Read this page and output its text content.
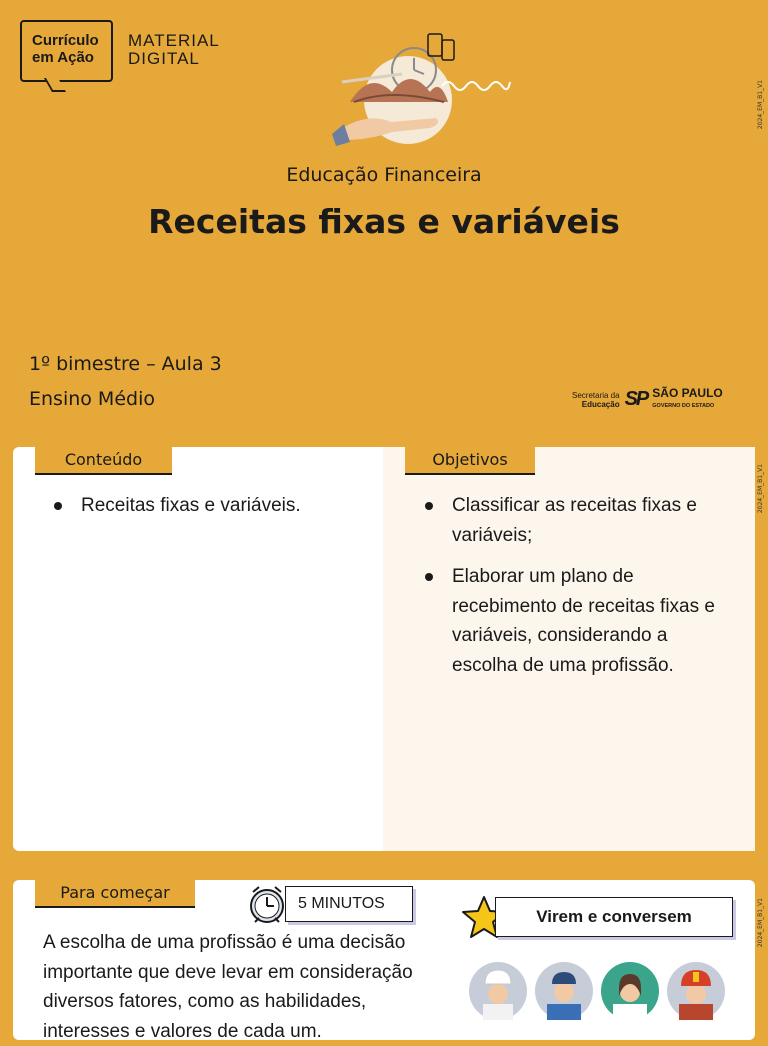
Currículo
em Ação
MATERIAL
DIGITAL
2024_EM_B1_V1
Educação Financeira
Receitas fixas e variáveis
1º bimestre – Aula 3
Ensino Médio	Secretaria da
Educação SP SÃO PAULO
GOVERNO DO ESTADO
2024_EM_B1_V1
Conteúdo	Objetivos
Receitas fixas e variáveis.	Classificar as receitas fixas e variáveis;
Elaborar um plano de recebimento de receitas fixas e variáveis, considerando a escolha de uma profissão.
2024_EM_B1_V1
Para começar
5 MINUTOS
Virem e conversem
A escolha de uma profissão é uma decisão importante que deve levar em consideração diversos fatores, como as habilidades, interesses e valores de cada um.
